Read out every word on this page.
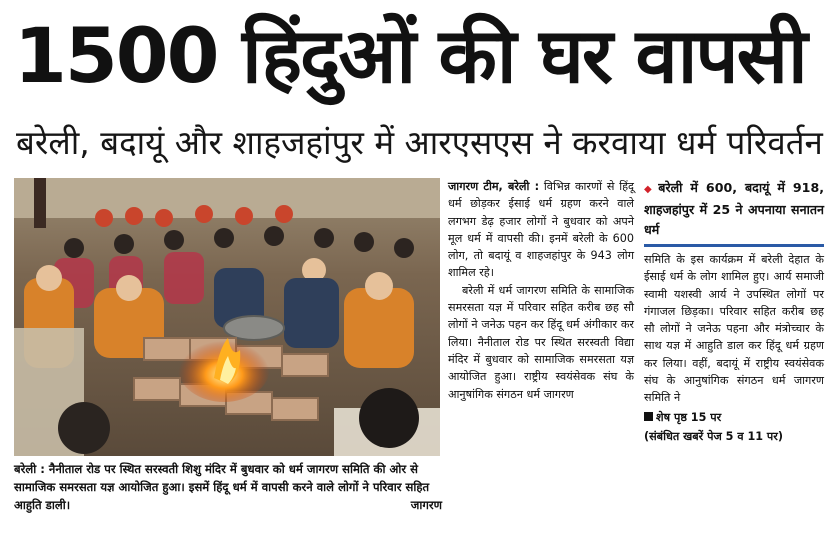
1500 हिंदुओं की घर वापसी
बरेली, बदायूं और शाहजहांपुर में आरएसएस ने करवाया धर्म परिवर्तन
बरेली : नैनीताल रोड पर स्थित सरस्वती शिशु मंदिर में बुधवार को धर्म जागरण समिति की ओर से सामाजिक समरसता यज्ञ आयोजित हुआ। इसमें हिंदू धर्म में वापसी करने वाले लोगों ने परिवार सहित आहुति डाली।	जागरण

जागरण टीम, बरेली : विभिन्न कारणों से हिंदू धर्म छोड़कर ईसाई धर्म ग्रहण करने वाले लगभग डेढ़ हजार लोगों ने बुधवार को अपने मूल धर्म में वापसी की। इनमें बरेली के 600 लोग, तो बदायूं व शाहजहांपुर के 943 लोग शामिल रहे।

बरेली में धर्म जागरण समिति के सामाजिक समरसता यज्ञ में परिवार सहित करीब छह सौ लोगों ने जनेऊ पहन कर हिंदू धर्म अंगीकार कर लिया। नैनीताल रोड पर स्थित सरस्वती विद्या मंदिर में बुधवार को सामाजिक समरसता यज्ञ आयोजित हुआ। राष्ट्रीय स्वयंसेवक संघ के आनुषांगिक संगठन धर्म जागरण

◆ बरेली में 600, बदायूं में 918, शाहजहांपुर में 25 ने अपनाया सनातन धर्म

समिति के इस कार्यक्रम में बरेली देहात के ईसाई धर्म के लोग शामिल हुए। आर्य समाजी स्वामी यशस्वी आर्य ने उपस्थित लोगों पर गंगाजल छिड़का। परिवार सहित करीब छह सौ लोगों ने जनेऊ पहना और मंत्रोच्चार के साथ यज्ञ में आहुति डाल कर हिंदू धर्म ग्रहण कर लिया। वहीं, बदायूं में राष्ट्रीय स्वयंसेवक संघ के आनुषांगिक संगठन धर्म जागरण समिति ने

शेष पृष्ठ 15 पर
(संबंधित खबरें पेज 5 व 11 पर)
